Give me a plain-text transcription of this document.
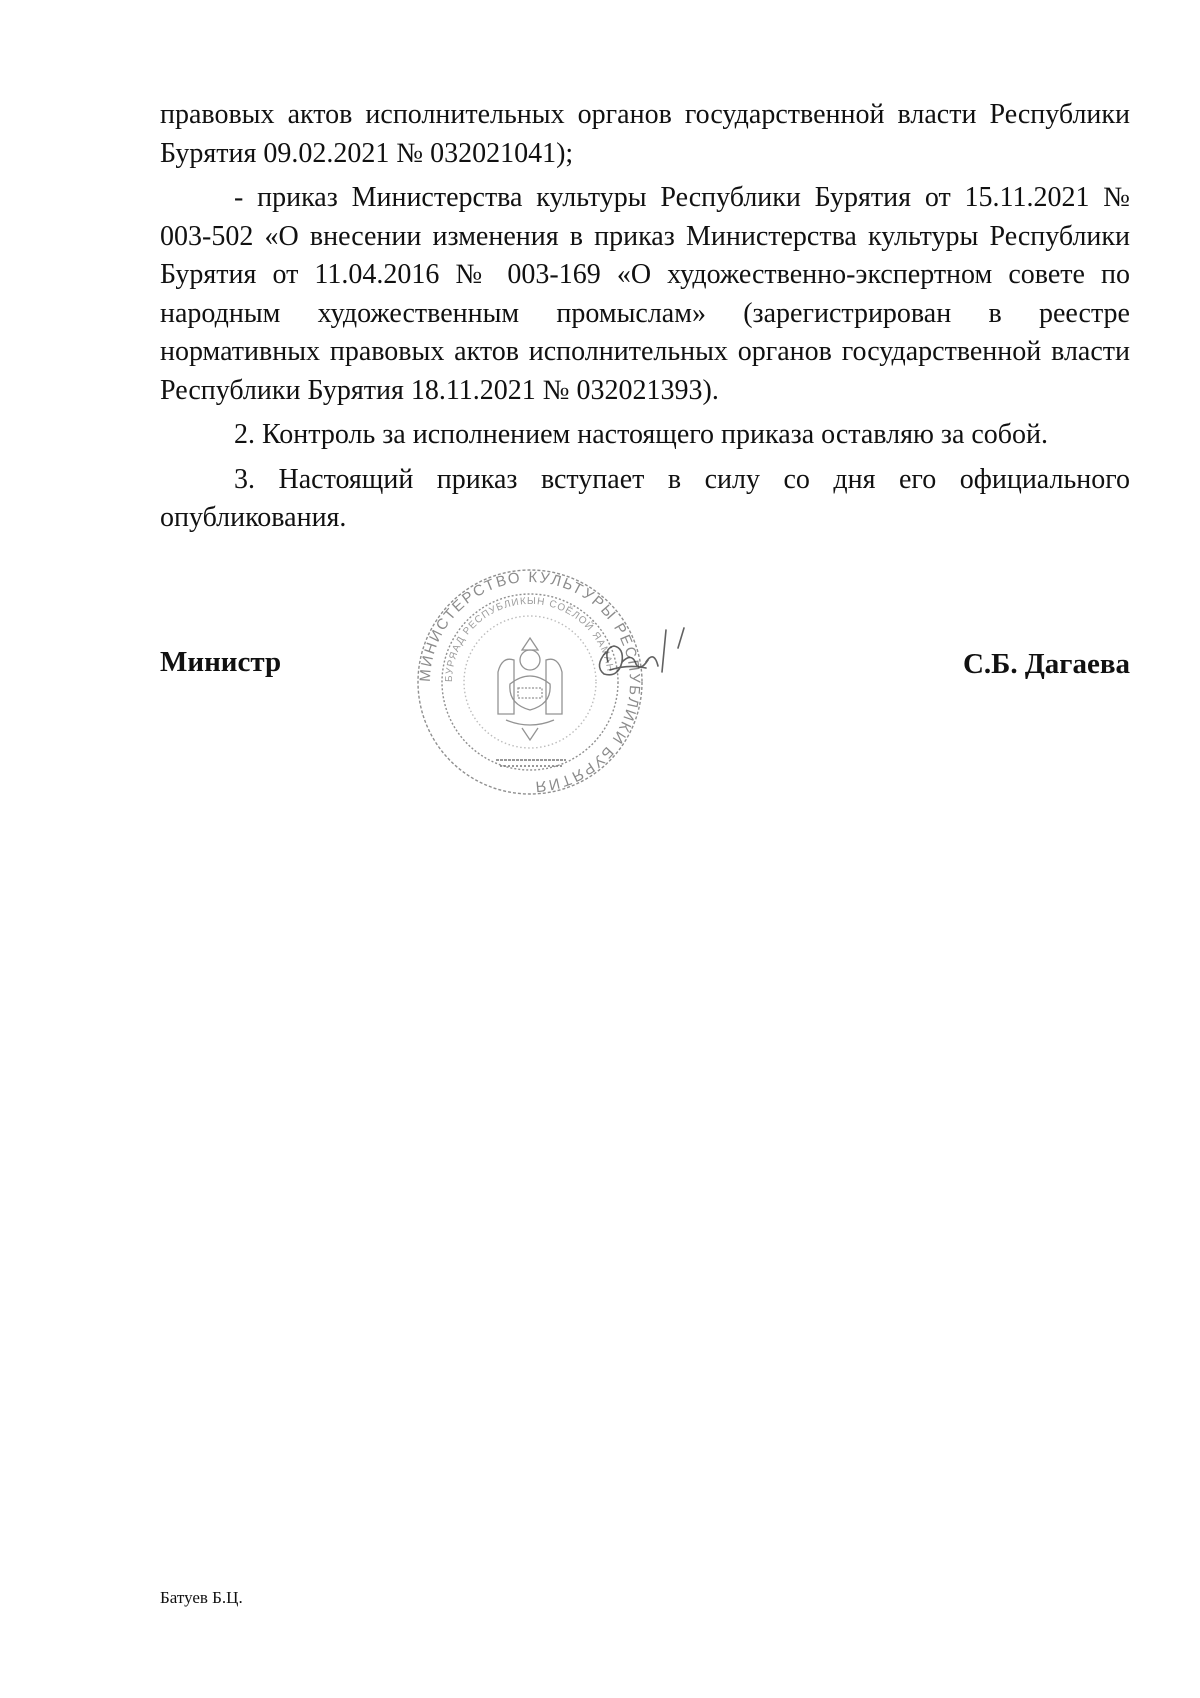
правовых актов исполнительных органов государственной власти Республики Бурятия 09.02.2021 № 032021041);

- приказ Министерства культуры Республики Бурятия от 15.11.2021 № 003-502 «О внесении изменения в приказ Министерства культуры Республики Бурятия от 11.04.2016 № 003-169 «О художественно-экспертном совете по народным художественным промыслам» (зарегистрирован в реестре нормативных правовых актов исполнительных органов государственной власти Республики Бурятия 18.11.2021 № 032021393).

2. Контроль за исполнением настоящего приказа оставляю за собой.

3. Настоящий приказ вступает в силу со дня его официального опубликования.

Министр	С.Б. Дагаева
МИНИСТЕРСТВО КУЛЬТУРЫ РЕСПУБЛИКИ БУРЯТИЯ
БУРЯАД РЕСПУБЛИКЫН СОЁЛОЙ ЯАМАН
Батуев Б.Ц.
